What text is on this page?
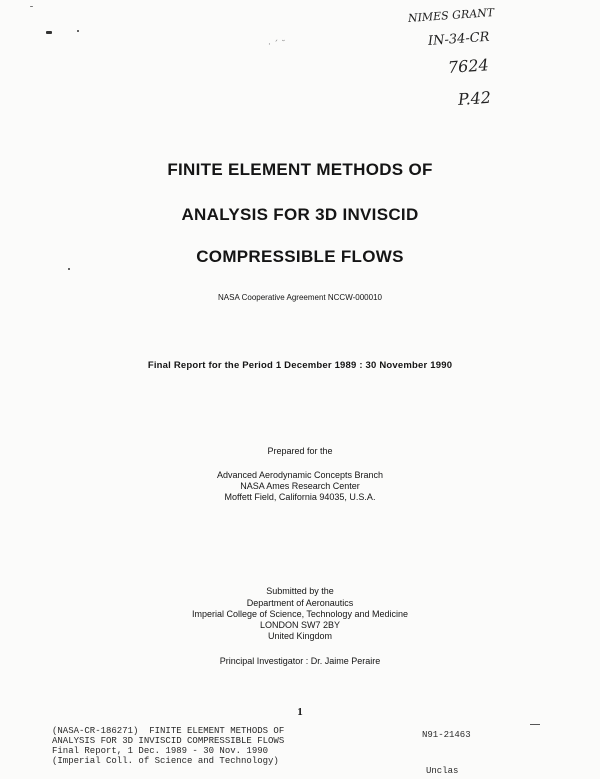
· ´ ˘
NIMES GRANT
IN-34-CR
7624
P.42
FINITE ELEMENT METHODS OF
ANALYSIS FOR 3D INVISCID
COMPRESSIBLE FLOWS
NASA Cooperative Agreement NCCW-000010
Final Report for the Period 1 December 1989 : 30 November 1990
Prepared for the
Advanced Aerodynamic Concepts Branch
NASA Ames Research Center
Moffett Field, California 94035, U.S.A.
Submitted by the
Department of Aeronautics
Imperial College of Science, Technology and Medicine
LONDON SW7 2BY
United Kingdom
Principal Investigator : Dr. Jaime Peraire
1
(NASA-CR-186271)  FINITE ELEMENT METHODS OF
ANALYSIS FOR 3D INVISCID COMPRESSIBLE FLOWS
Final Report, 1 Dec. 1989 - 30 Nov. 1990
(Imperial Coll. of Science and Technology)
N91-21463
Unclas
